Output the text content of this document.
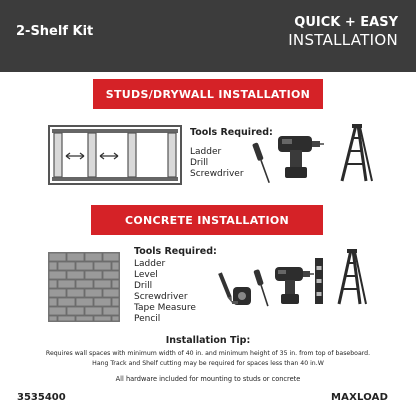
2-Shelf Kit
QUICK + EASY
INSTALLATION
STUDS/DRYWALL INSTALLATION
Tools Required:
Ladder
Drill
Screwdriver
CONCRETE INSTALLATION
Tools Required:
Ladder
Level
Drill
Screwdriver
Tape Measure
Pencil
Installation Tip:
Requires wall spaces with minimum width of 40 in. and minimum height of 35 in. from top of baseboard.
Hang Track and Shelf cutting may be required for spaces less than 40 in.W
All hardware included for mounting to studs or concrete
3535400	MAXLOAD
